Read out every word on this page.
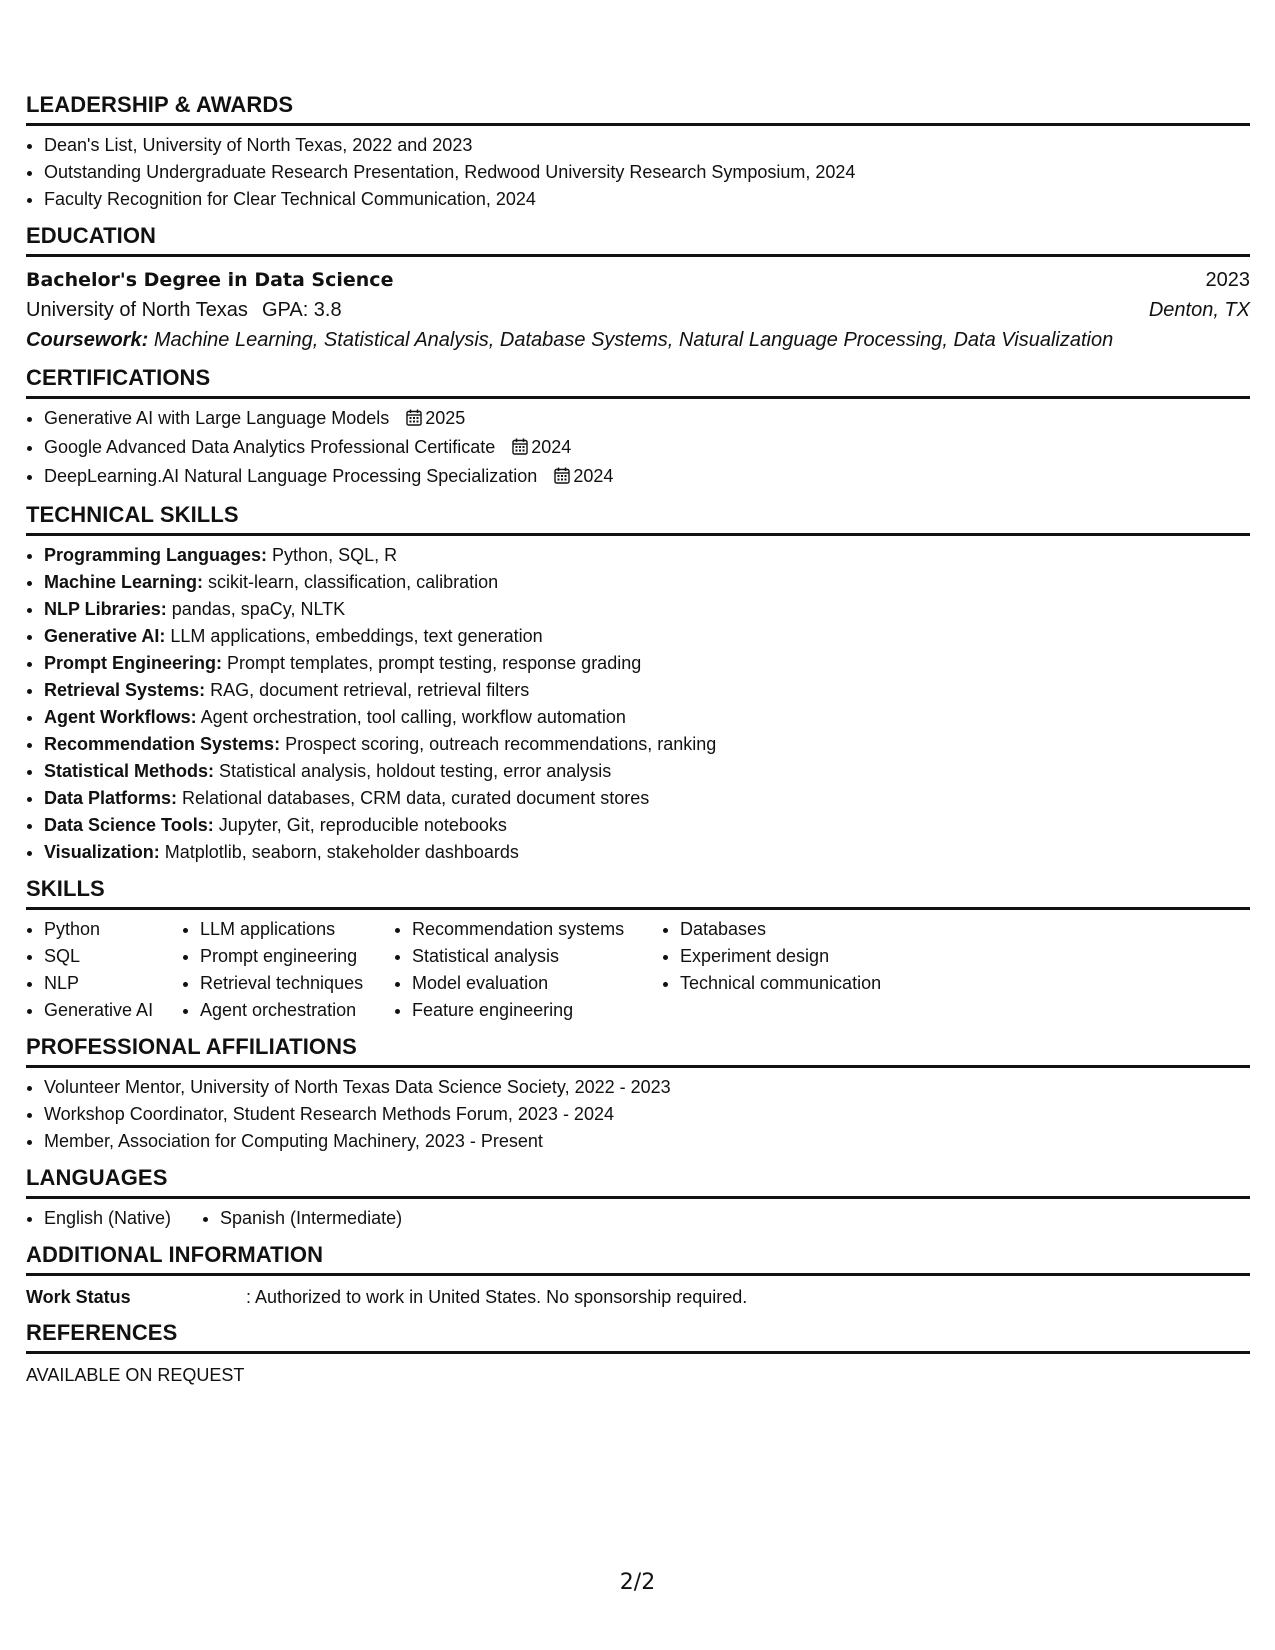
LEADERSHIP & AWARDS
• Dean's List, University of North Texas, 2022 and 2023
• Outstanding Undergraduate Research Presentation, Redwood University Research Symposium, 2024
• Faculty Recognition for Clear Technical Communication, 2024
EDUCATION
Bachelor's Degree in Data Science	2023
University of North Texas GPA: 3.8	Denton, TX
Coursework: Machine Learning, Statistical Analysis, Database Systems, Natural Language Processing, Data Visualization
CERTIFICATIONS
• Generative AI with Large Language Models 2025
• Google Advanced Data Analytics Professional Certificate 2024
• DeepLearning.AI Natural Language Processing Specialization 2024
TECHNICAL SKILLS
• Programming Languages: Python, SQL, R
• Machine Learning: scikit-learn, classification, calibration
• NLP Libraries: pandas, spaCy, NLTK
• Generative AI: LLM applications, embeddings, text generation
• Prompt Engineering: Prompt templates, prompt testing, response grading
• Retrieval Systems: RAG, document retrieval, retrieval filters
• Agent Workflows: Agent orchestration, tool calling, workflow automation
• Recommendation Systems: Prospect scoring, outreach recommendations, ranking
• Statistical Methods: Statistical analysis, holdout testing, error analysis
• Data Platforms: Relational databases, CRM data, curated document stores
• Data Science Tools: Jupyter, Git, reproducible notebooks
• Visualization: Matplotlib, seaborn, stakeholder dashboards
SKILLS
• Python
• SQL
• NLP
• Generative AI
• LLM applications
• Prompt engineering
• Retrieval techniques
• Agent orchestration
• Recommendation systems
• Statistical analysis
• Model evaluation
• Feature engineering
• Databases
• Experiment design
• Technical communication
PROFESSIONAL AFFILIATIONS
• Volunteer Mentor, University of North Texas Data Science Society, 2022 - 2023
• Workshop Coordinator, Student Research Methods Forum, 2023 - 2024
• Member, Association for Computing Machinery, 2023 - Present
LANGUAGES
• English (Native)
•	Spanish (Intermediate)
ADDITIONAL INFORMATION
Work Status	: Authorized to work in United States. No sponsorship required.
REFERENCES
AVAILABLE ON REQUEST
2/2
